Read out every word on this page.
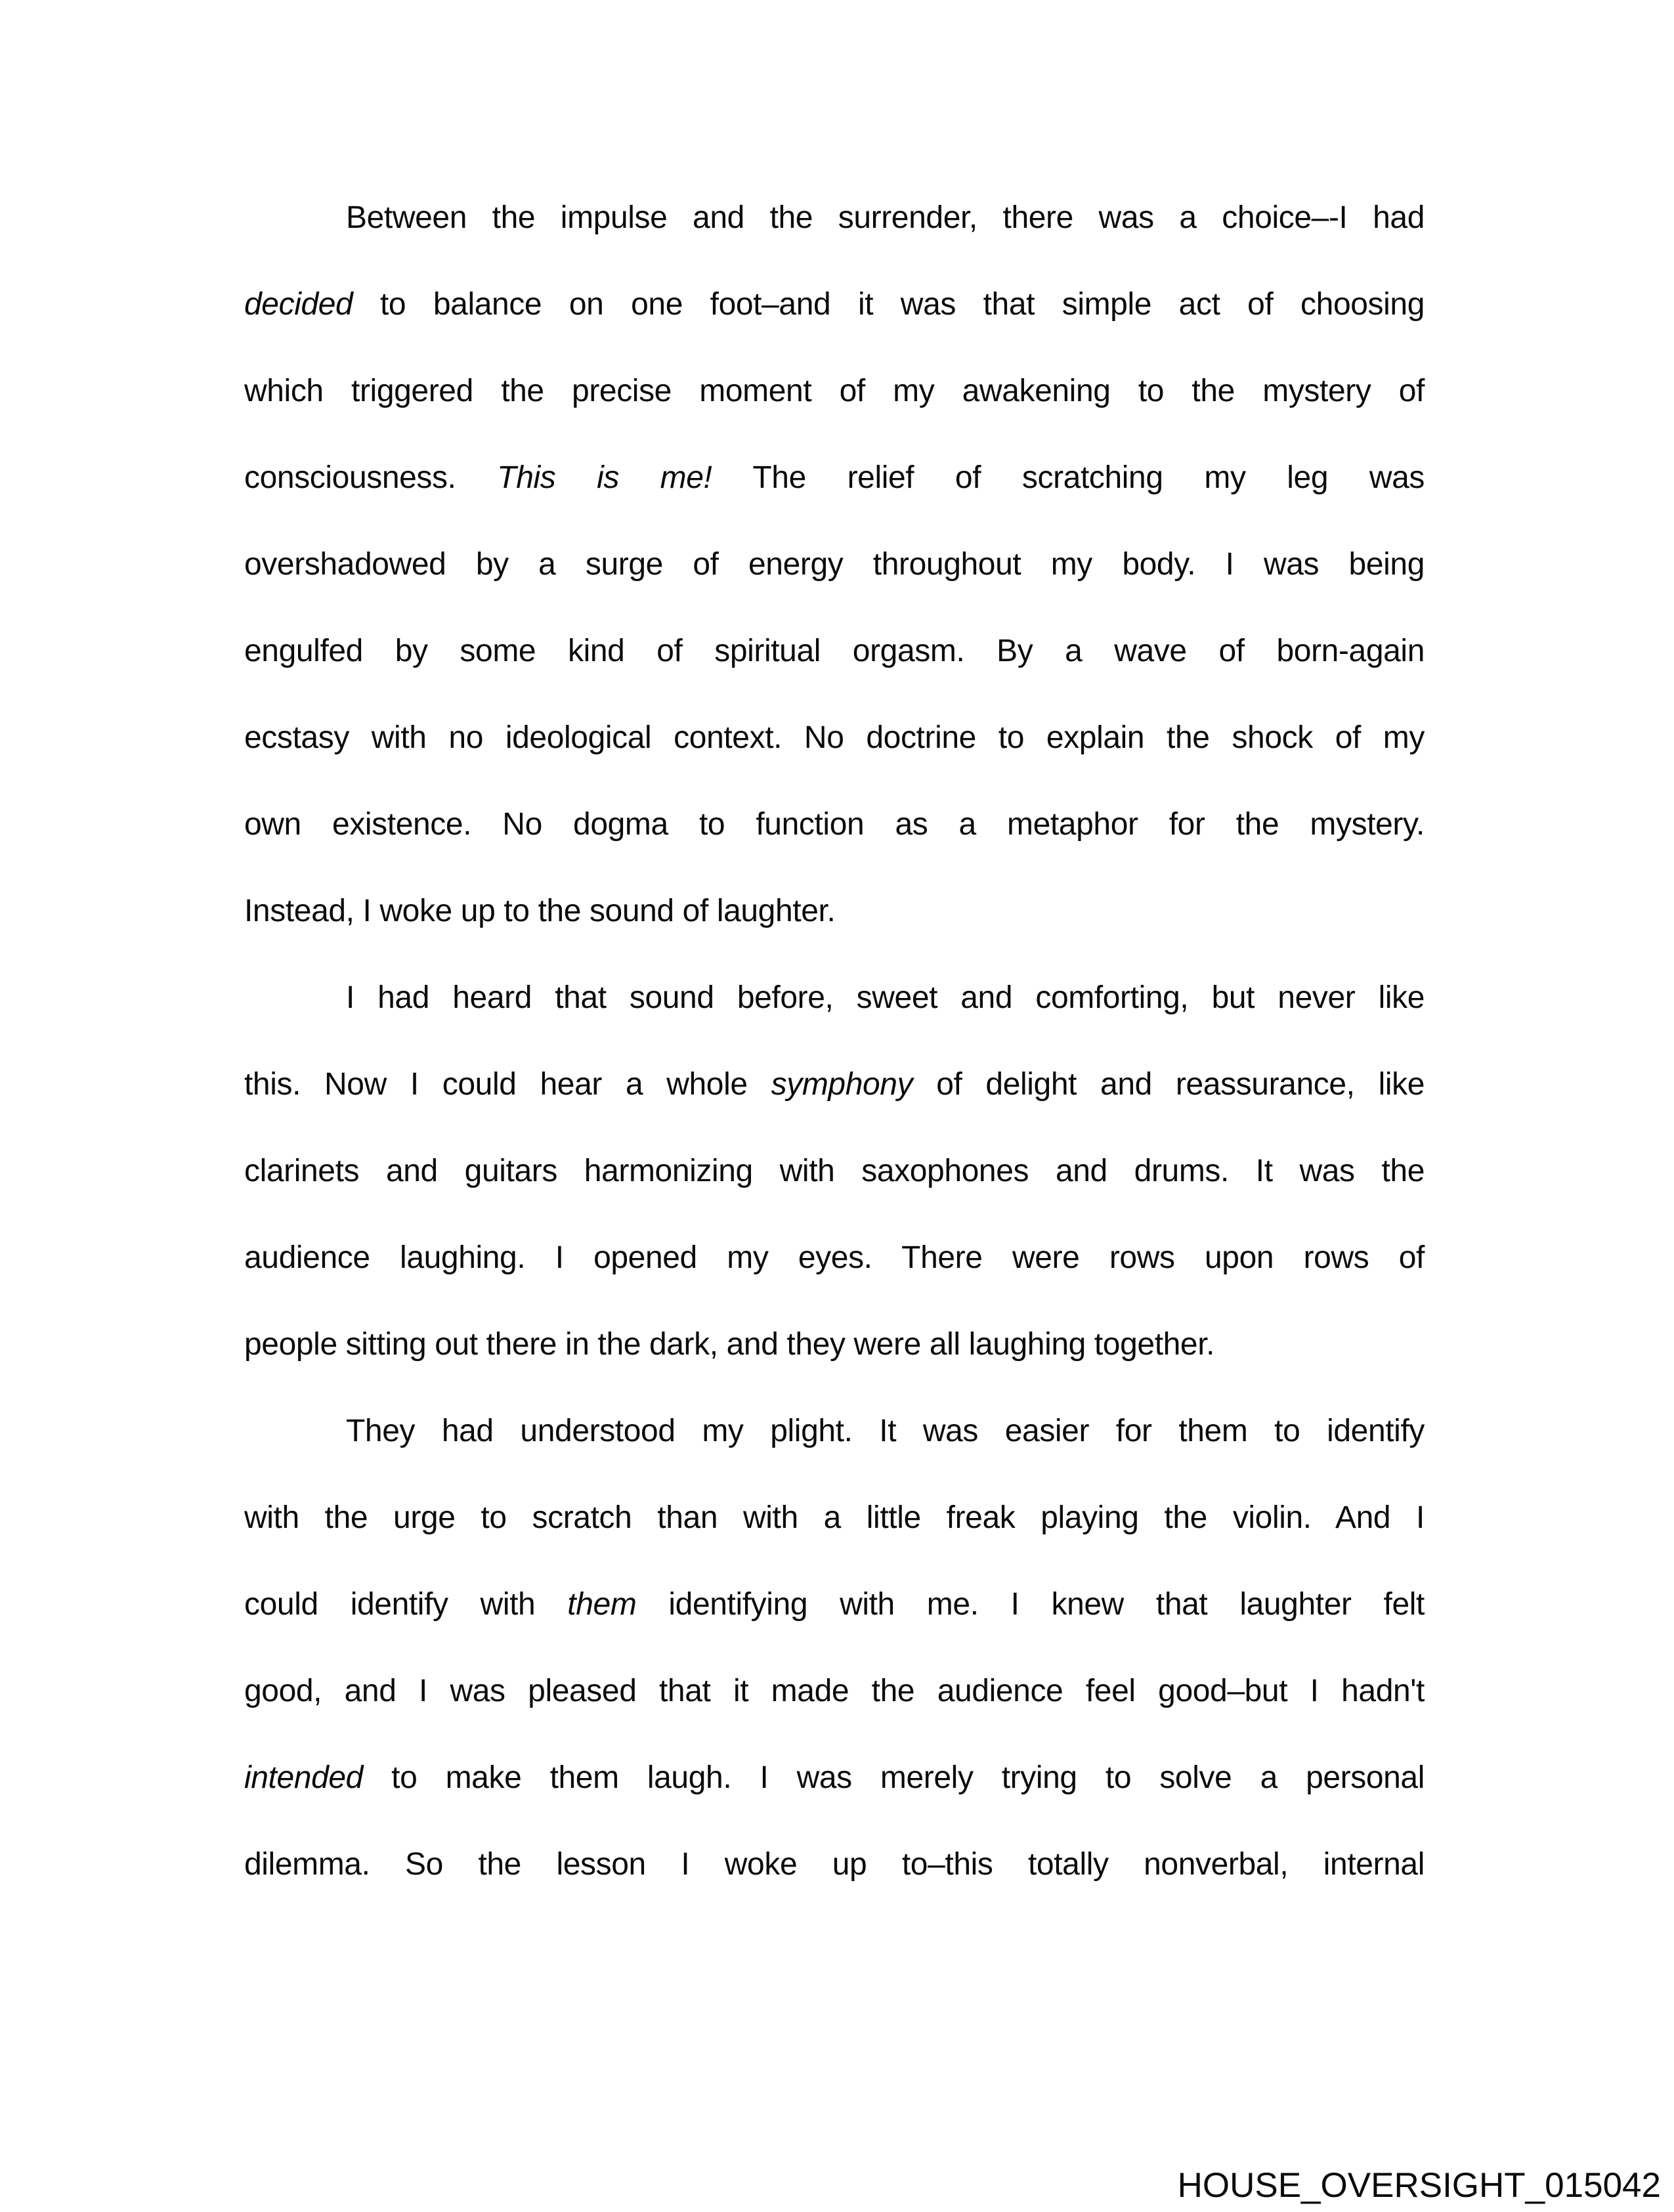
Between the impulse and the surrender, there was a choice–-I had
decided to balance on one foot–and it was that simple act of choosing
which triggered the precise moment of my awakening to the mystery of
consciousness. This is me! The relief of scratching my leg was
overshadowed by a surge of energy throughout my body. I was being
engulfed by some kind of spiritual orgasm. By a wave of born-again
ecstasy with no ideological context. No doctrine to explain the shock of my
own existence. No dogma to function as a metaphor for the mystery.
Instead, I woke up to the sound of laughter.
I had heard that sound before, sweet and comforting, but never like
this. Now I could hear a whole symphony of delight and reassurance, like
clarinets and guitars harmonizing with saxophones and drums. It was the
audience laughing. I opened my eyes. There were rows upon rows of
people sitting out there in the dark, and they were all laughing together.
They had understood my plight. It was easier for them to identify
with the urge to scratch than with a little freak playing the violin. And I
could identify with them identifying with me. I knew that laughter felt
good, and I was pleased that it made the audience feel good–but I hadn't
intended to make them laugh. I was merely trying to solve a personal
dilemma. So the lesson I woke up to–this totally nonverbal, internal
HOUSE_OVERSIGHT_015042
